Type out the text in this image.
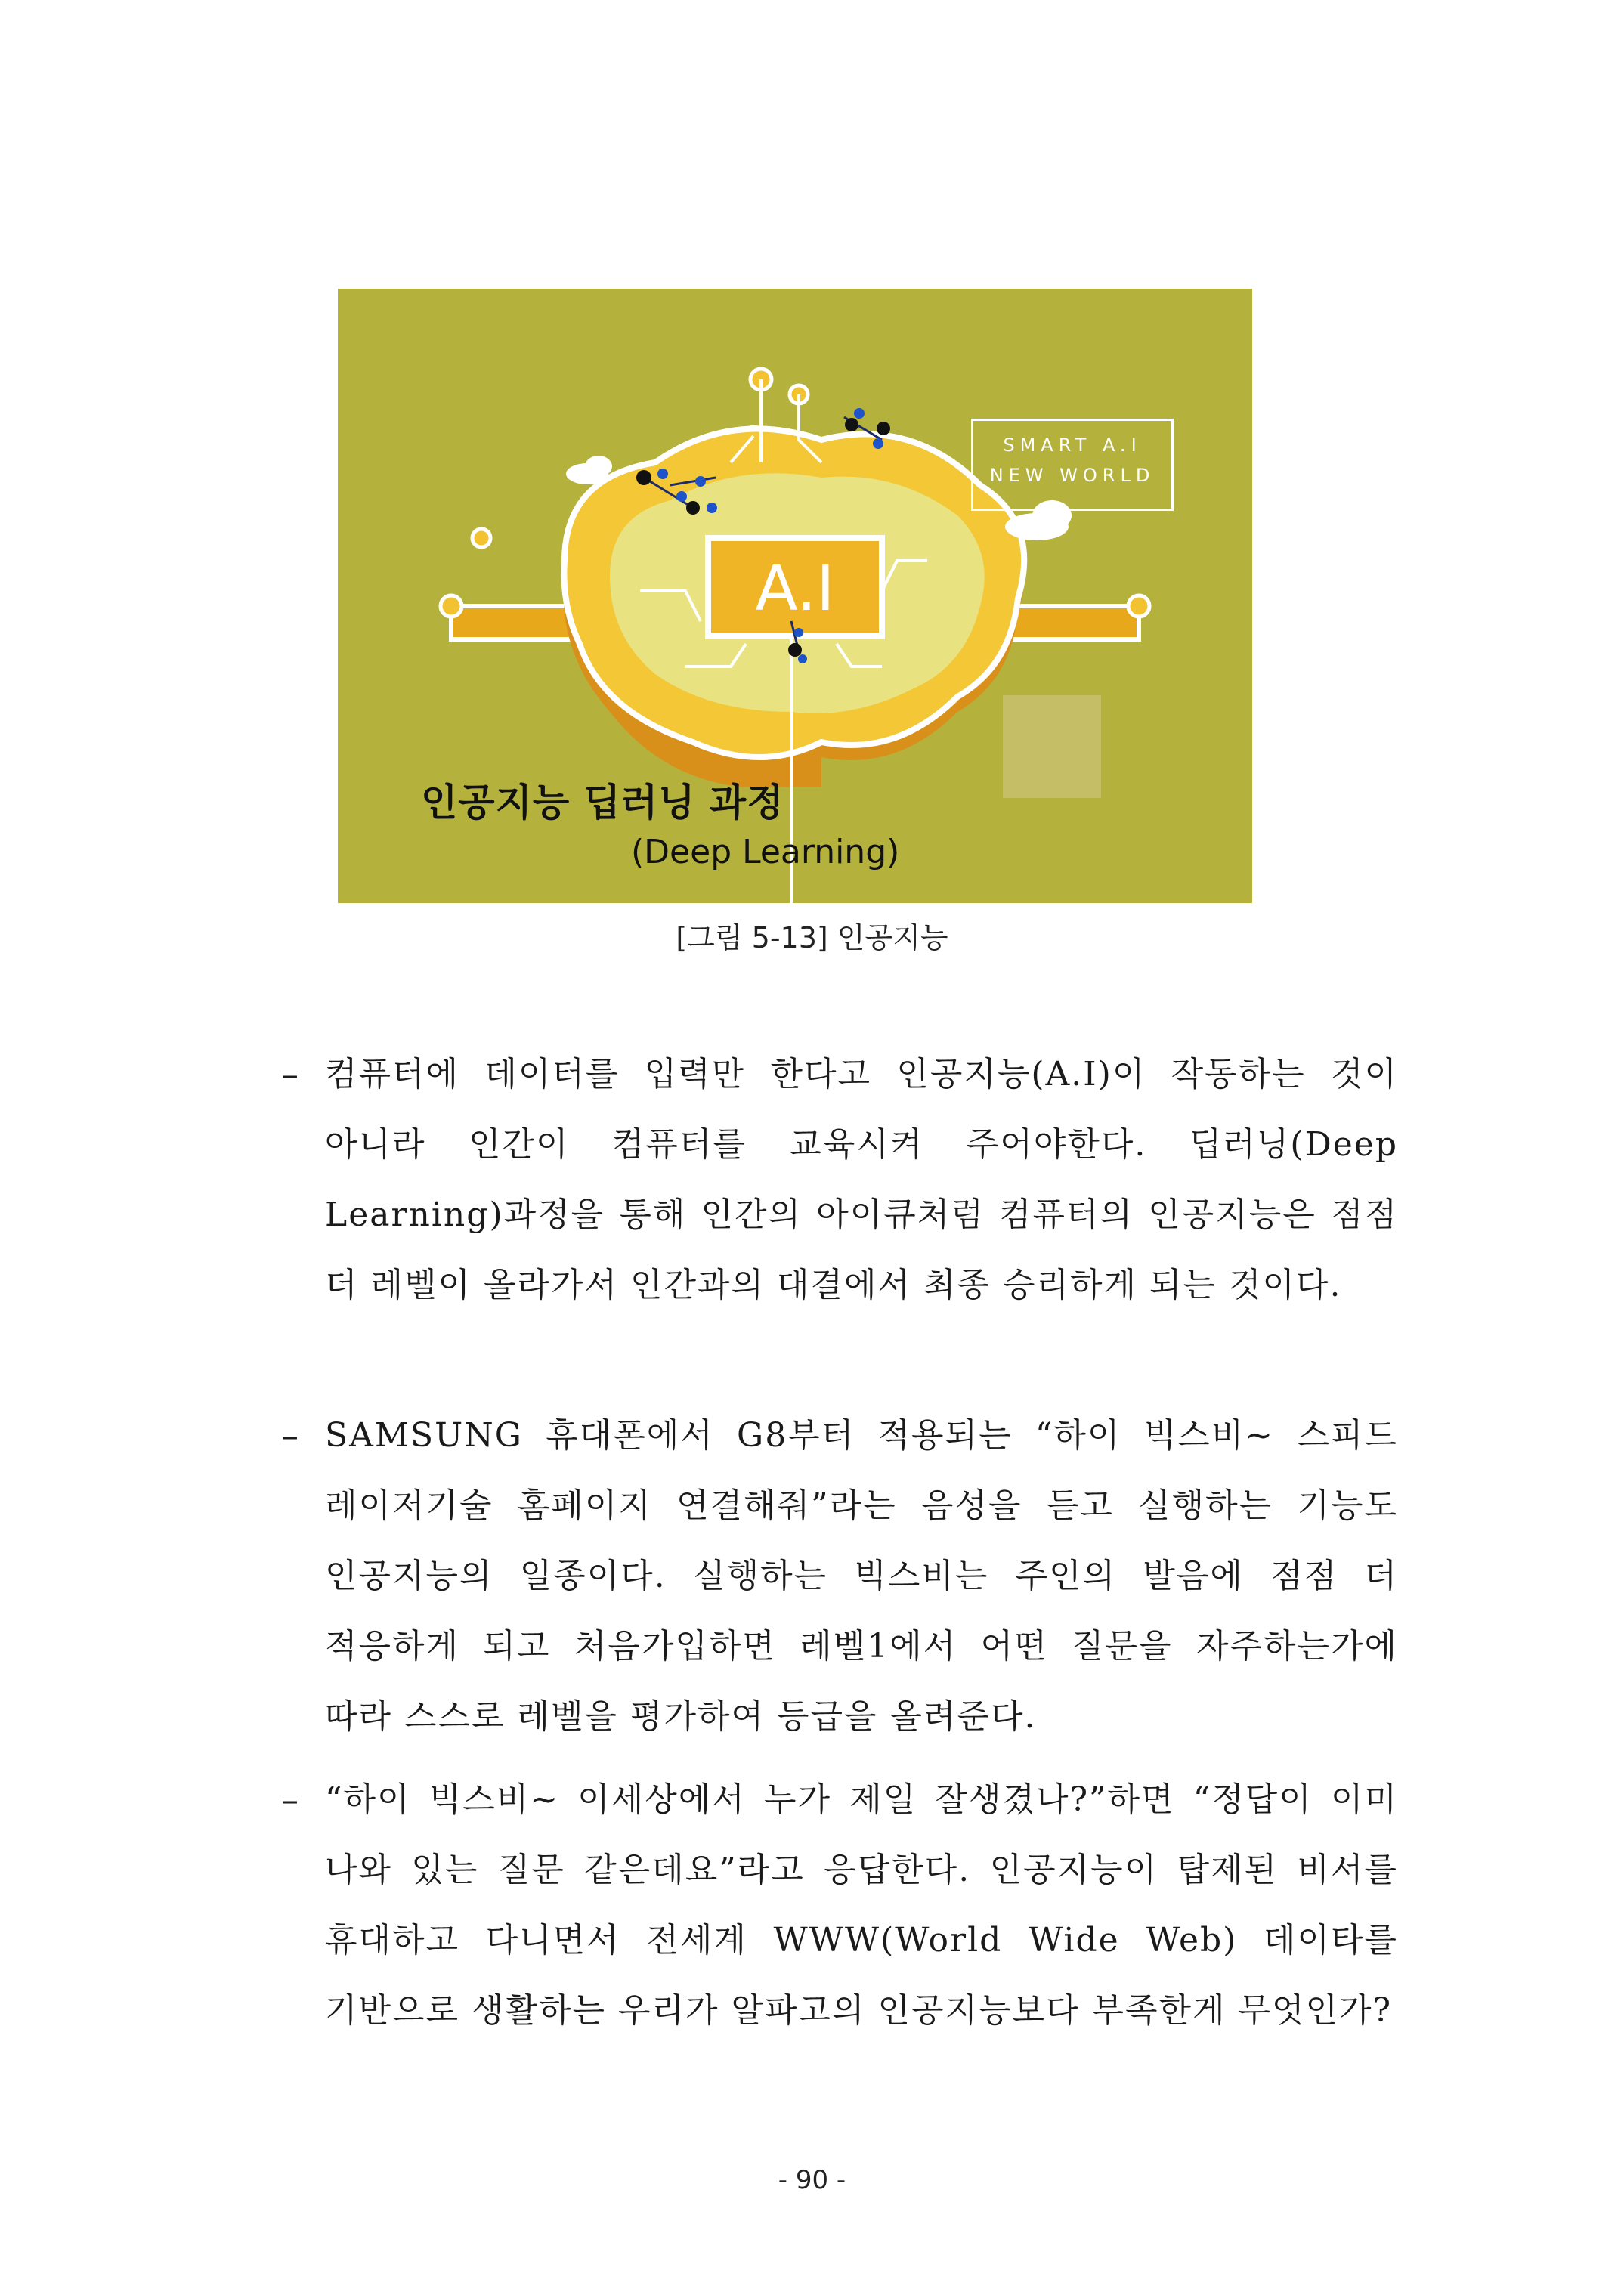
A.I
SMART A.I
NEW WORLD
인공지능 딥러닝 과정
(Deep Learning)
[그림 5-13] 인공지능
– 컴퓨터에 데이터를 입력만 한다고 인공지능(A.I)이 작동하는 것이 아니라 인간이 컴퓨터를 교육시켜 주어야한다. 딥러닝(Deep Learning)과정을 통해 인간의 아이큐처럼 컴퓨터의 인공지능은 점점 더 레벨이 올라가서 인간과의 대결에서 최종 승리하게 되는 것이다.
– SAMSUNG 휴대폰에서 G8부터 적용되는 “하이 빅스비~ 스피드 레이저기술 홈페이지 연결해줘”라는 음성을 듣고 실행하는 기능도 인공지능의 일종이다. 실행하는 빅스비는 주인의 발음에 점점 더 적응하게 되고 처음가입하면 레벨1에서 어떤 질문을 자주하는가에 따라 스스로 레벨을 평가하여 등급을 올려준다.
– “하이 빅스비~ 이세상에서 누가 제일 잘생겼나?”하면 “정답이 이미 나와 있는 질문 같은데요”라고 응답한다. 인공지능이 탑제된 비서를 휴대하고 다니면서 전세계 WWW(World Wide Web) 데이타를 기반으로 생활하는 우리가 알파고의 인공지능보다 부족한게 무엇인가?
- 90 -
